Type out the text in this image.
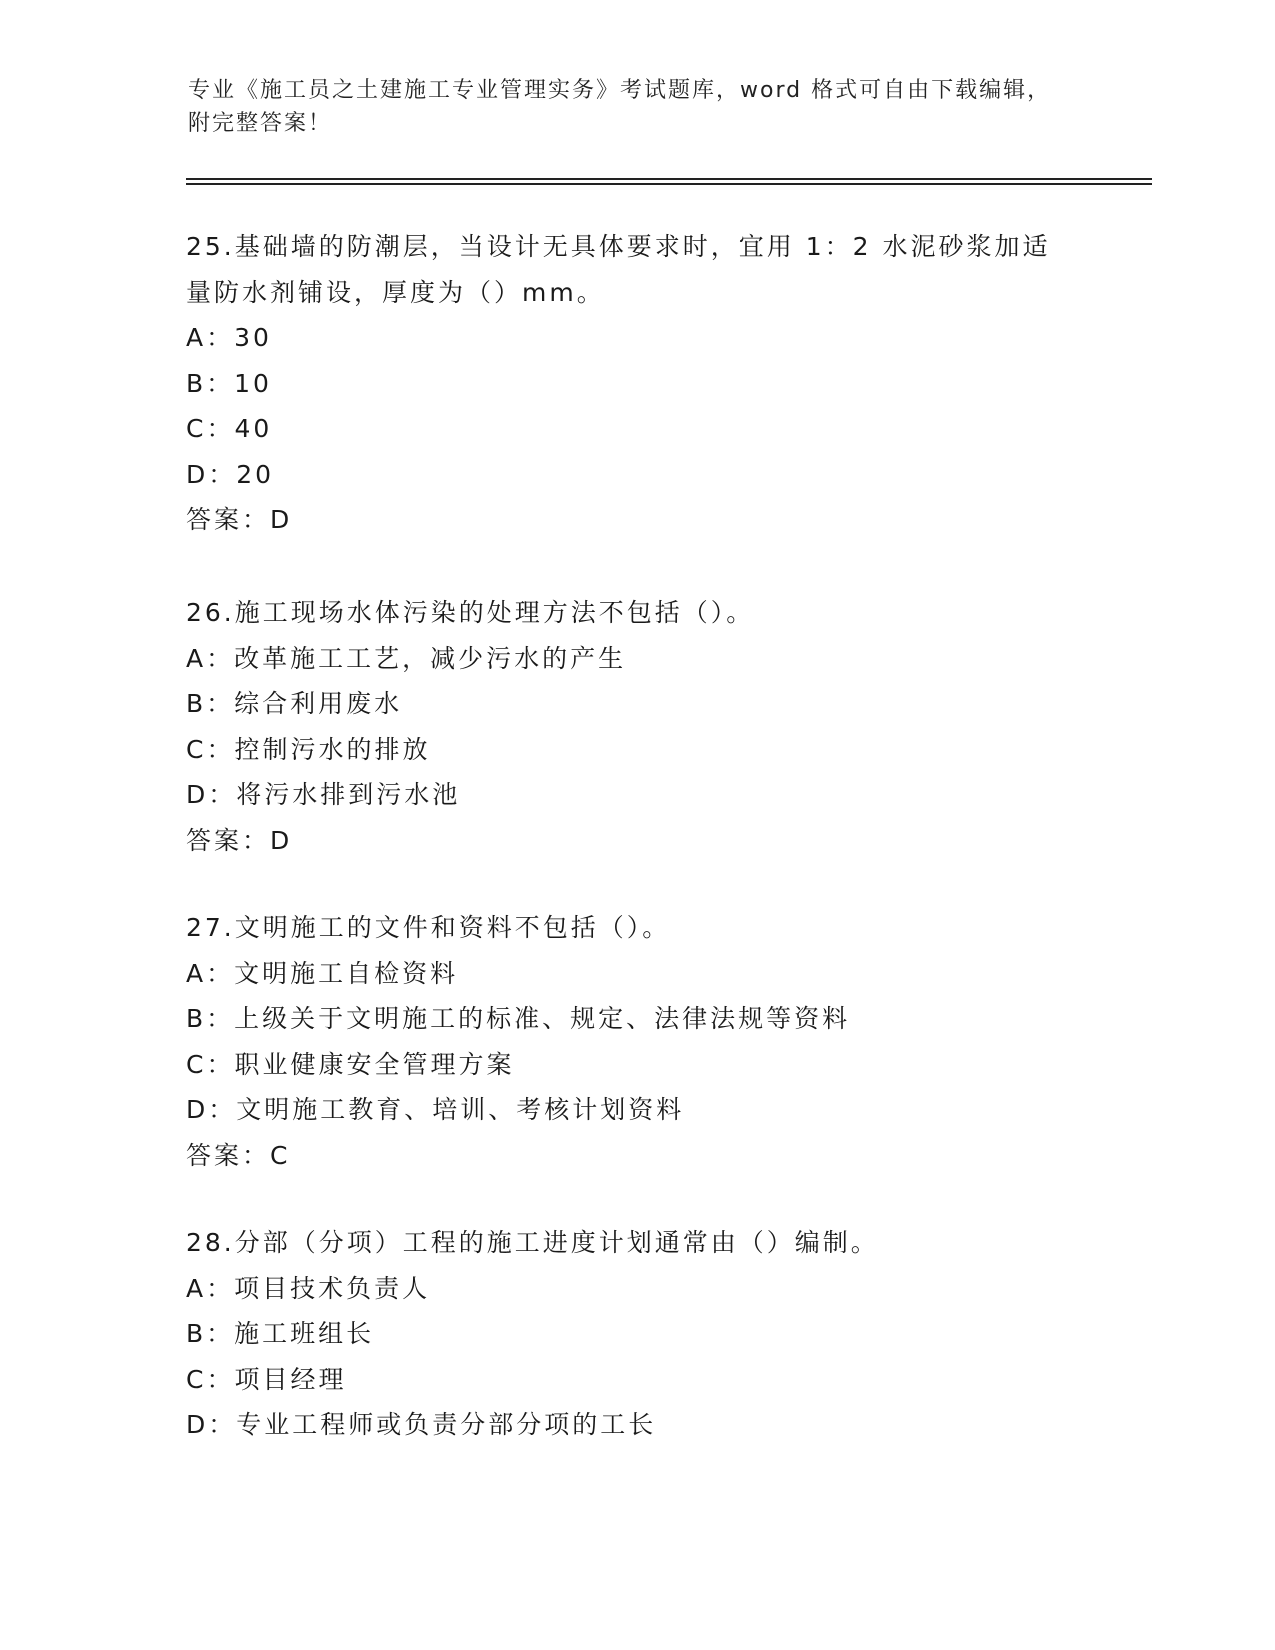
专业《施工员之土建施工专业管理实务》考试题库，word 格式可自由下载编辑，
附完整答案！
25.基础墙的防潮层，当设计无具体要求时，宜用 1：2 水泥砂浆加适
量防水剂铺设，厚度为（）mm。
A：30
B：10
C：40
D：20
答案：D
26.施工现场水体污染的处理方法不包括（）。
A：改革施工工艺，减少污水的产生
B：综合利用废水
C：控制污水的排放
D：将污水排到污水池
答案：D
27.文明施工的文件和资料不包括（）。
A：文明施工自检资料
B：上级关于文明施工的标准、规定、法律法规等资料
C：职业健康安全管理方案
D：文明施工教育、培训、考核计划资料
答案：C
28.分部（分项）工程的施工进度计划通常由（）编制。
A：项目技术负责人
B：施工班组长
C：项目经理
D：专业工程师或负责分部分项的工长
